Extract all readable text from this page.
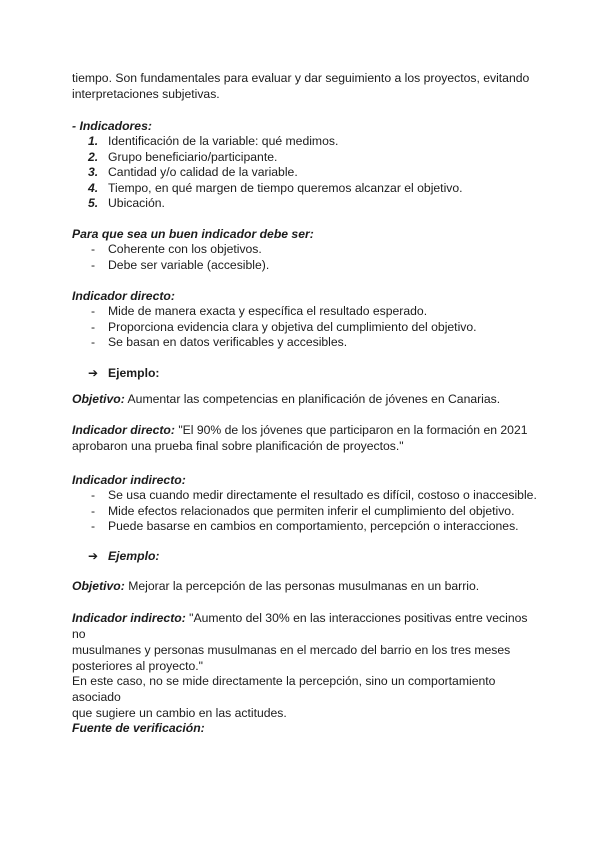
tiempo. Son fundamentales para evaluar y dar seguimiento a los proyectos, evitando

interpretaciones subjetivas.

- Indicadores:

1. Identificación de la variable: qué medimos.
2. Grupo beneficiario/participante.
3. Cantidad y/o calidad de la variable.
4. Tiempo, en qué margen de tiempo queremos alcanzar el objetivo.
5. Ubicación.

Para que sea un buen indicador debe ser:

- Coherente con los objetivos.
- Debe ser variable (accesible).

Indicador directo:

- Mide de manera exacta y específica el resultado esperado.
- Proporciona evidencia clara y objetiva del cumplimiento del objetivo.
- Se basan en datos verificables y accesibles.
➔ Ejemplo:

Objetivo: Aumentar las competencias en planificación de jóvenes en Canarias.

Indicador directo: "El 90% de los jóvenes que participaron en la formación en 2021

aprobaron una prueba final sobre planificación de proyectos."

Indicador indirecto:

- Se usa cuando medir directamente el resultado es difícil, costoso o inaccesible.
- Mide efectos relacionados que permiten inferir el cumplimiento del objetivo.
- Puede basarse en cambios en comportamiento, percepción o interacciones.
➔ Ejemplo:

Objetivo: Mejorar la percepción de las personas musulmanas en un barrio.

Indicador indirecto: "Aumento del 30% en las interacciones positivas entre vecinos no

musulmanes y personas musulmanas en el mercado del barrio en los tres meses

posteriores al proyecto."

En este caso, no se mide directamente la percepción, sino un comportamiento asociado

que sugiere un cambio en las actitudes.

Fuente de verificación:
